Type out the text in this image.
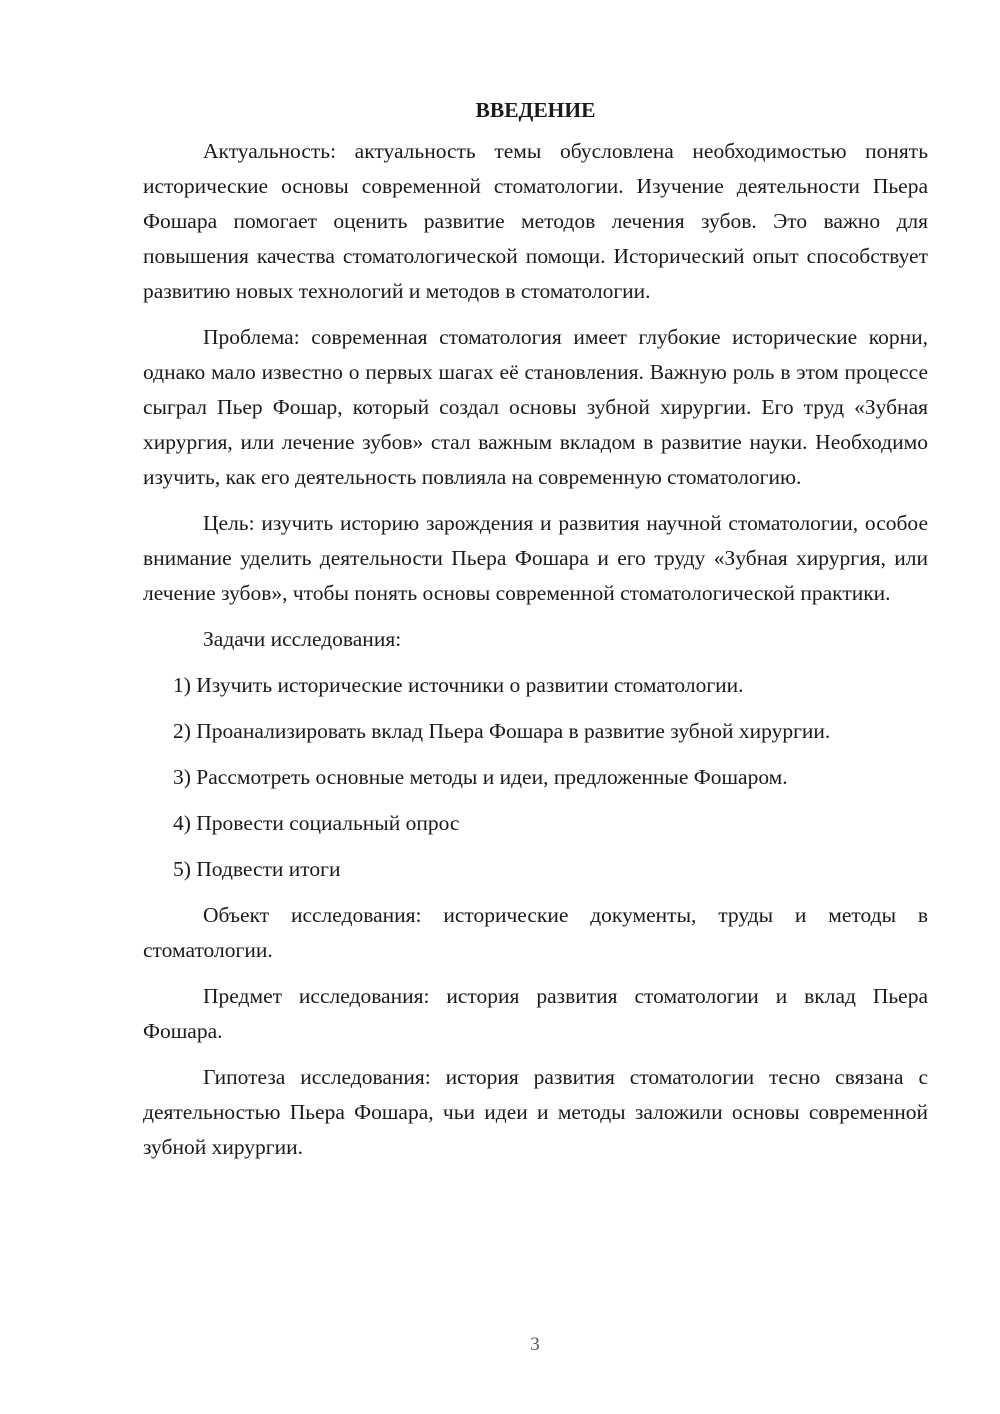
ВВЕДЕНИЕ

Актуальность: актуальность темы обусловлена необходимостью понять исторические основы современной стоматологии. Изучение деятельности Пьера Фошара помогает оценить развитие методов лечения зубов. Это важно для повышения качества стоматологической помощи. Исторический опыт способствует развитию новых технологий и методов в стоматологии.

Проблема: современная стоматология имеет глубокие исторические корни, однако мало известно о первых шагах её становления. Важную роль в этом процессе сыграл Пьер Фошар, который создал основы зубной хирургии. Его труд «Зубная хирургия, или лечение зубов» стал важным вкладом в развитие науки. Необходимо изучить, как его деятельность повлияла на современную стоматологию.

Цель: изучить историю зарождения и развития научной стоматологии, особое внимание уделить деятельности Пьера Фошара и его труду «Зубная хирургия, или лечение зубов», чтобы понять основы современной стоматологической практики.

Задачи исследования:

1) Изучить исторические источники о развитии стоматологии.

2) Проанализировать вклад Пьера Фошара в развитие зубной хирургии.

3) Рассмотреть основные методы и идеи, предложенные Фошаром.

4) Провести социальный опрос

5) Подвести итоги

Объект исследования: исторические документы, труды и методы в стоматологии.

Предмет исследования: история развития стоматологии и вклад Пьера Фошара.

Гипотеза исследования: история развития стоматологии тесно связана с деятельностью Пьера Фошара, чьи идеи и методы заложили основы современной зубной хирургии.

3
